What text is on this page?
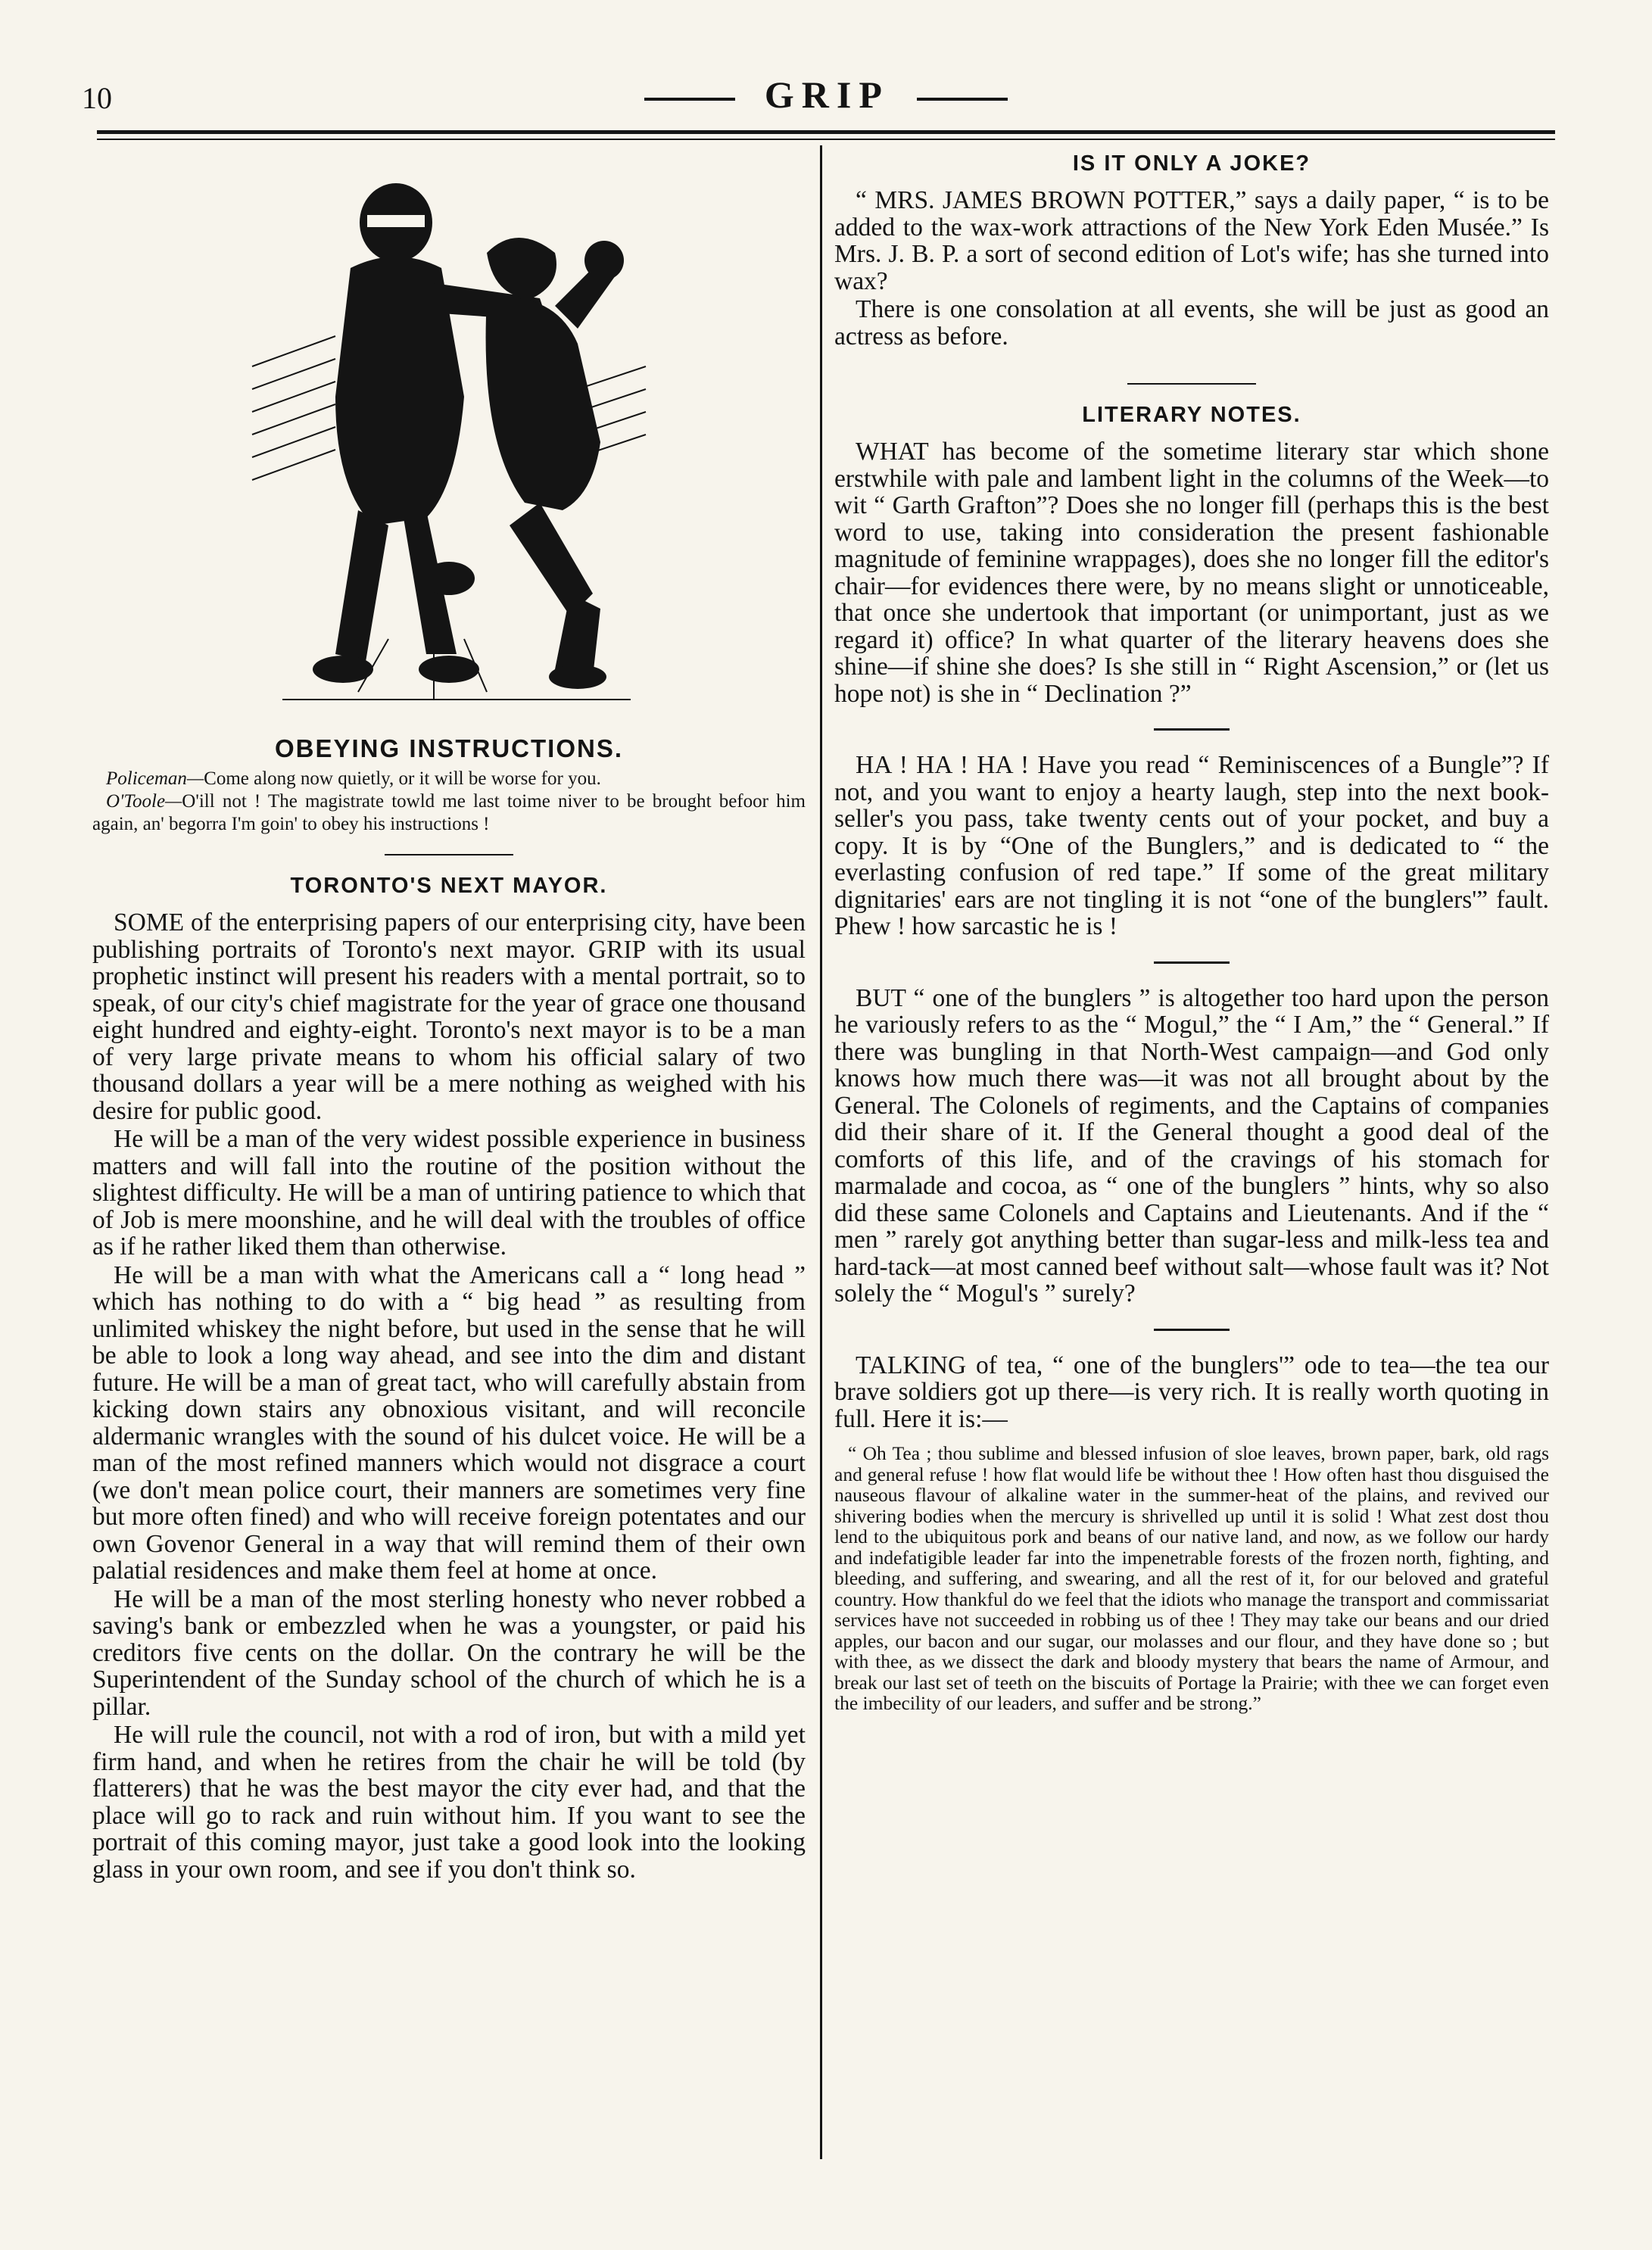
10	GRIP
OBEYING INSTRUCTIONS.

Policeman—Come along now quietly, or it will be worse for you.

O'Toole—O'ill not ! The magistrate towld me last toime niver to be brought befoor him again, an' begorra I'm goin' to obey his instructions !

TORONTO'S NEXT MAYOR.

SOME of the enterprising papers of our enterprising city, have been publishing portraits of Toronto's next mayor. GRIP with its usual prophetic instinct will present his readers with a mental portrait, so to speak, of our city's chief magistrate for the year of grace one thousand eight hundred and eighty-eight. Toronto's next mayor is to be a man of very large private means to whom his official salary of two thousand dollars a year will be a mere nothing as weighed with his desire for public good.

He will be a man of the very widest possible experience in business matters and will fall into the routine of the position without the slightest difficulty. He will be a man of untiring patience to which that of Job is mere moonshine, and he will deal with the troubles of office as if he rather liked them than otherwise.

He will be a man with what the Americans call a “ long head ” which has nothing to do with a “ big head ” as resulting from unlimited whiskey the night before, but used in the sense that he will be able to look a long way ahead, and see into the dim and distant future. He will be a man of great tact, who will carefully abstain from kicking down stairs any obnoxious visitant, and will reconcile aldermanic wrangles with the sound of his dulcet voice. He will be a man of the most refined manners which would not disgrace a court (we don't mean police court, their manners are sometimes very fine but more often fined) and who will receive foreign potentates and our own Govenor General in a way that will remind them of their own palatial residences and make them feel at home at once.

He will be a man of the most sterling honesty who never robbed a saving's bank or embezzled when he was a youngster, or paid his creditors five cents on the dollar. On the contrary he will be the Superintendent of the Sunday school of the church of which he is a pillar.

He will rule the council, not with a rod of iron, but with a mild yet firm hand, and when he retires from the chair he will be told (by flatterers) that he was the best mayor the city ever had, and that the place will go to rack and ruin without him. If you want to see the portrait of this coming mayor, just take a good look into the looking glass in your own room, and see if you don't think so.

IS IT ONLY A JOKE?

“ MRS. JAMES BROWN POTTER,” says a daily paper, “ is to be added to the wax-work attractions of the New York Eden Musée.” Is Mrs. J. B. P. a sort of second edition of Lot's wife; has she turned into wax?

There is one consolation at all events, she will be just as good an actress as before.

LITERARY NOTES.

WHAT has become of the sometime literary star which shone erstwhile with pale and lambent light in the columns of the Week—to wit “ Garth Grafton”? Does she no longer fill (perhaps this is the best word to use, taking into consideration the present fashionable magnitude of feminine wrappages), does she no longer fill the editor's chair—for evidences there were, by no means slight or unnoticeable, that once she undertook that important (or unimportant, just as we regard it) office? In what quarter of the literary heavens does she shine—if shine she does? Is she still in “ Right Ascension,” or (let us hope not) is she in “ Declination ?”

HA ! HA ! HA ! Have you read “ Reminiscences of a Bungle”? If not, and you want to enjoy a hearty laugh, step into the next book-seller's you pass, take twenty cents out of your pocket, and buy a copy. It is by “One of the Bunglers,” and is dedicated to “ the everlasting confusion of red tape.” If some of the great military dignitaries' ears are not tingling it is not “one of the bunglers'” fault. Phew ! how sarcastic he is !

BUT “ one of the bunglers ” is altogether too hard upon the person he variously refers to as the “ Mogul,” the “ I Am,” the “ General.” If there was bungling in that North-West campaign—and God only knows how much there was—it was not all brought about by the General. The Colonels of regiments, and the Captains of companies did their share of it. If the General thought a good deal of the comforts of this life, and of the cravings of his stomach for marmalade and cocoa, as “ one of the bunglers ” hints, why so also did these same Colonels and Captains and Lieutenants. And if the “ men ” rarely got anything better than sugar-less and milk-less tea and hard-tack—at most canned beef without salt—whose fault was it? Not solely the “ Mogul's ” surely?

TALKING of tea, “ one of the bunglers'” ode to tea—the tea our brave soldiers got up there—is very rich. It is really worth quoting in full. Here it is:—

“ Oh Tea ; thou sublime and blessed infusion of sloe leaves, brown paper, bark, old rags and general refuse ! how flat would life be without thee ! How often hast thou disguised the nauseous flavour of alkaline water in the summer-heat of the plains, and revived our shivering bodies when the mercury is shrivelled up until it is solid ! What zest dost thou lend to the ubiquitous pork and beans of our native land, and now, as we follow our hardy and indefatigible leader far into the impenetrable forests of the frozen north, fighting, and bleeding, and suffering, and swearing, and all the rest of it, for our beloved and grateful country. How thankful do we feel that the idiots who manage the transport and commissariat services have not succeeded in robbing us of thee ! They may take our beans and our dried apples, our bacon and our sugar, our molasses and our flour, and they have done so ; but with thee, as we dissect the dark and bloody mystery that bears the name of Armour, and break our last set of teeth on the biscuits of Portage la Prairie; with thee we can forget even the imbecility of our leaders, and suffer and be strong.”
